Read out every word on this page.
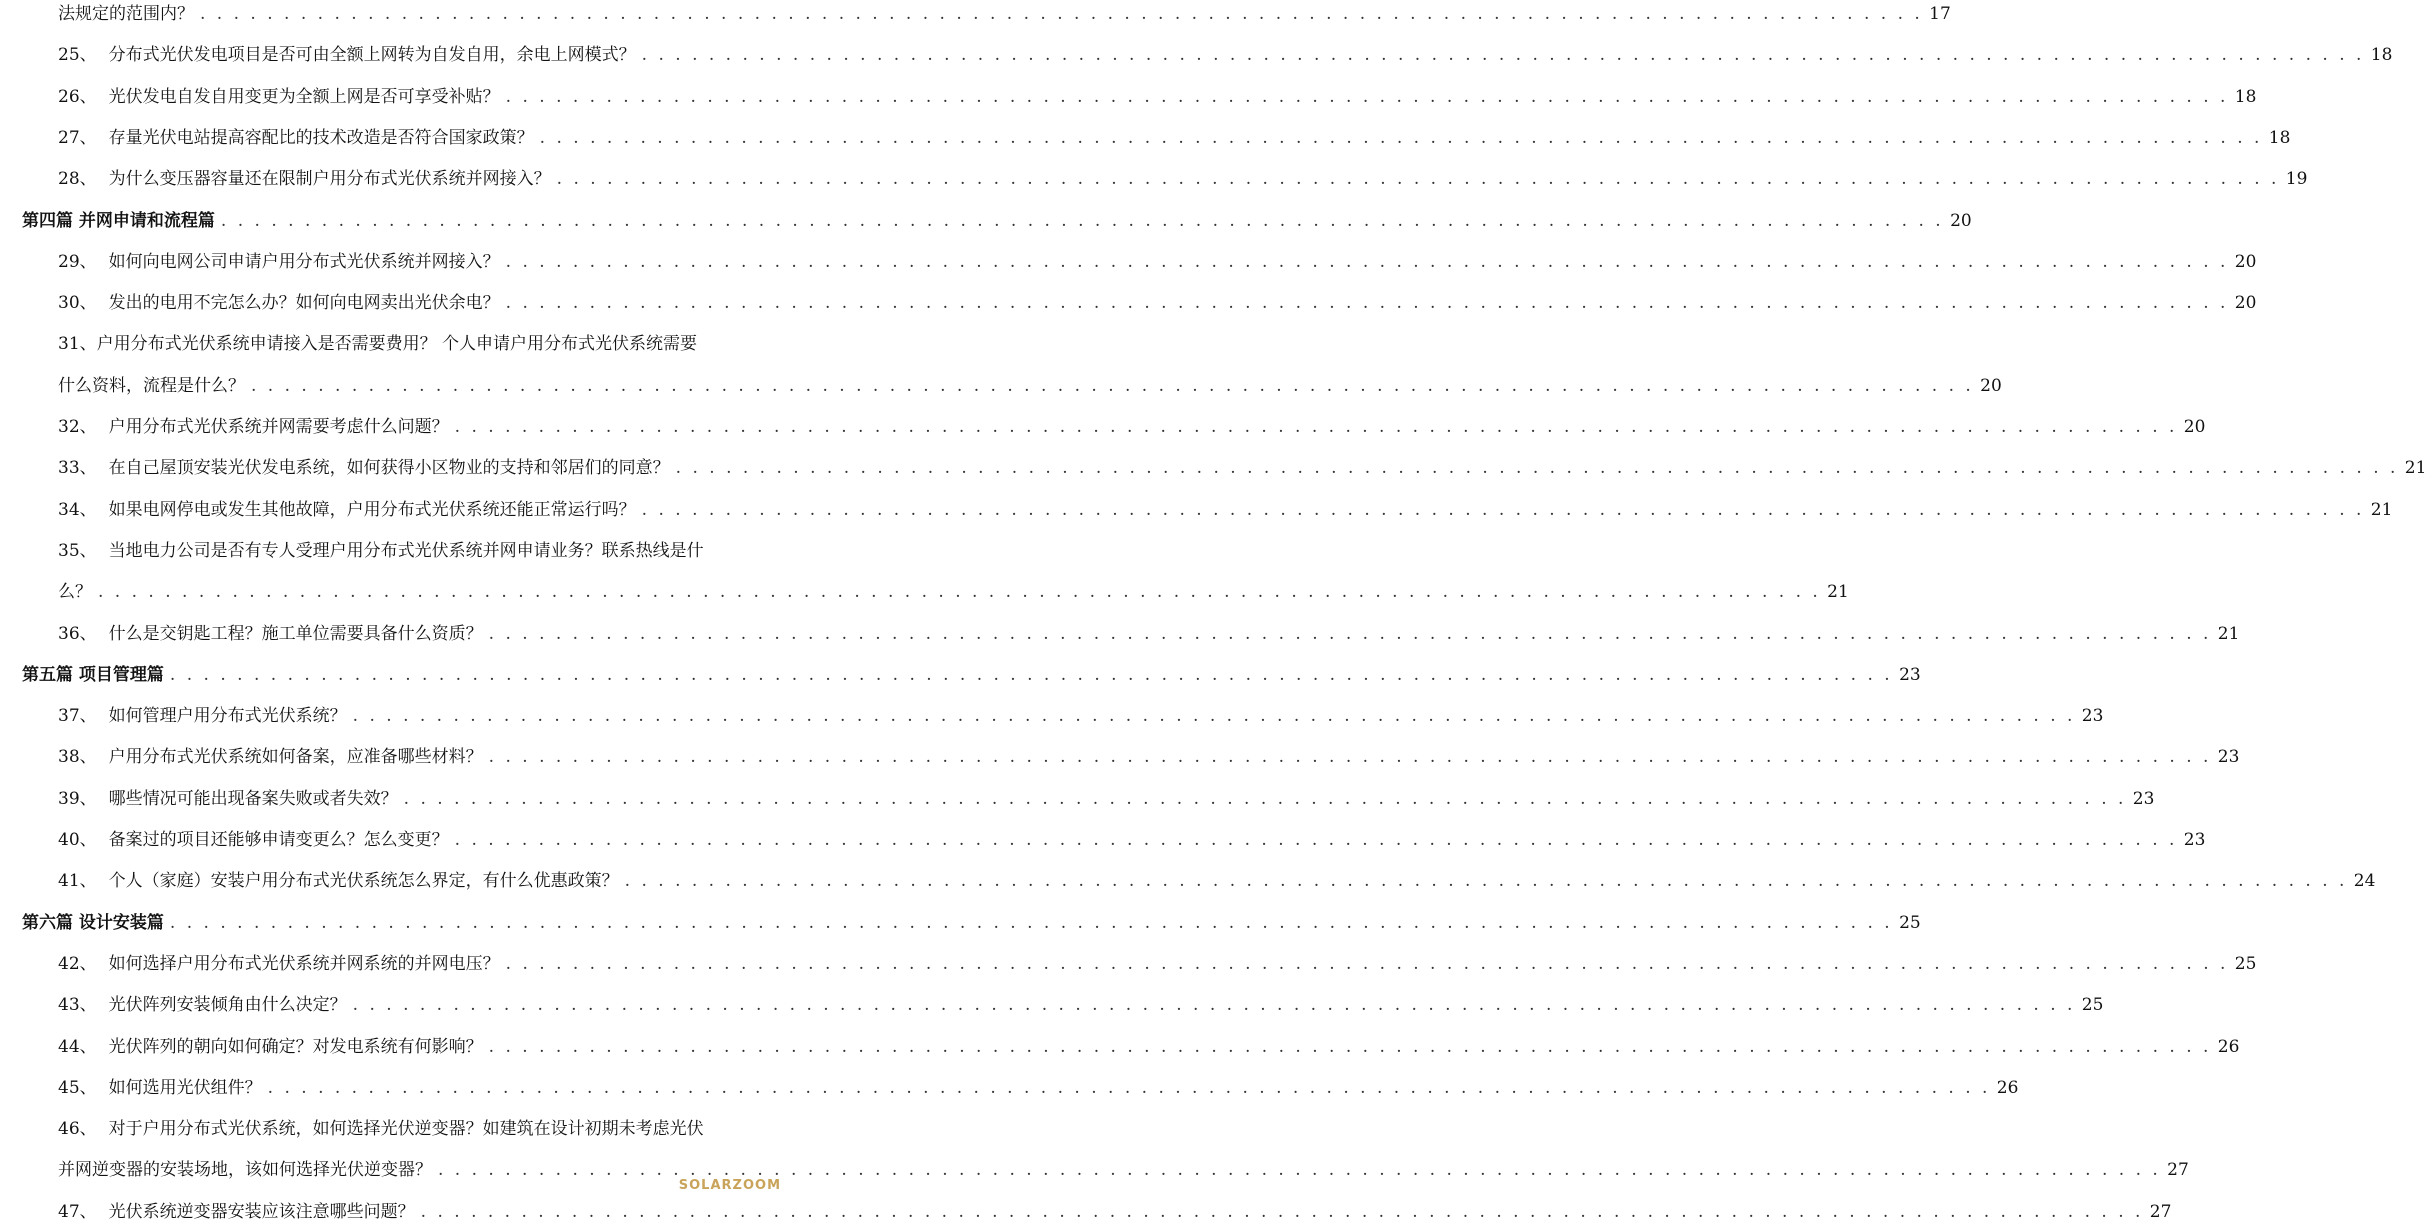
法规定的范围内？ . . . . . . . . . . . . . . . . . . . . . . . . . . . . . . . . . . . . . . . . . . . . . . . . . . . . . . . . . . . . . . . . . . . . . . . . . . . . . . . . . . . . . . . . . . . . . . . . . . . . . . . 17
25、 分布式光伏发电项目是否可由全额上网转为自发自用，余电上网模式？ . . . . . . . . . . . . . . . . . . . . . . . . . . . . . . . . . . . . . . . . . . . . . . . . . . . . . . . . . . . . . . . . . . . . . . . . . . . . . . . . . . . . . . . . . . . . . . . . . . . . . . . 18
26、 光伏发电自发自用变更为全额上网是否可享受补贴？ . . . . . . . . . . . . . . . . . . . . . . . . . . . . . . . . . . . . . . . . . . . . . . . . . . . . . . . . . . . . . . . . . . . . . . . . . . . . . . . . . . . . . . . . . . . . . . . . . . . . . . . 18
27、 存量光伏电站提高容配比的技术改造是否符合国家政策？ . . . . . . . . . . . . . . . . . . . . . . . . . . . . . . . . . . . . . . . . . . . . . . . . . . . . . . . . . . . . . . . . . . . . . . . . . . . . . . . . . . . . . . . . . . . . . . . . . . . . . . . 18
28、 为什么变压器容量还在限制户用分布式光伏系统并网接入？ . . . . . . . . . . . . . . . . . . . . . . . . . . . . . . . . . . . . . . . . . . . . . . . . . . . . . . . . . . . . . . . . . . . . . . . . . . . . . . . . . . . . . . . . . . . . . . . . . . . . . . . 19
第四篇 并网申请和流程篇 . . . . . . . . . . . . . . . . . . . . . . . . . . . . . . . . . . . . . . . . . . . . . . . . . . . . . . . . . . . . . . . . . . . . . . . . . . . . . . . . . . . . . . . . . . . . . . . . . . . . . . . 20
29、 如何向电网公司申请户用分布式光伏系统并网接入？ . . . . . . . . . . . . . . . . . . . . . . . . . . . . . . . . . . . . . . . . . . . . . . . . . . . . . . . . . . . . . . . . . . . . . . . . . . . . . . . . . . . . . . . . . . . . . . . . . . . . . . . 20
30、 发出的电用不完怎么办？如何向电网卖出光伏余电？ . . . . . . . . . . . . . . . . . . . . . . . . . . . . . . . . . . . . . . . . . . . . . . . . . . . . . . . . . . . . . . . . . . . . . . . . . . . . . . . . . . . . . . . . . . . . . . . . . . . . . . . 20
31、户用分布式光伏系统申请接入是否需要费用？ 个人申请户用分布式光伏系统需要
什么资料，流程是什么？ . . . . . . . . . . . . . . . . . . . . . . . . . . . . . . . . . . . . . . . . . . . . . . . . . . . . . . . . . . . . . . . . . . . . . . . . . . . . . . . . . . . . . . . . . . . . . . . . . . . . . . . 20
32、 户用分布式光伏系统并网需要考虑什么问题？ . . . . . . . . . . . . . . . . . . . . . . . . . . . . . . . . . . . . . . . . . . . . . . . . . . . . . . . . . . . . . . . . . . . . . . . . . . . . . . . . . . . . . . . . . . . . . . . . . . . . . . . 20
33、 在自己屋顶安装光伏发电系统，如何获得小区物业的支持和邻居们的同意？ . . . . . . . . . . . . . . . . . . . . . . . . . . . . . . . . . . . . . . . . . . . . . . . . . . . . . . . . . . . . . . . . . . . . . . . . . . . . . . . . . . . . . . . . . . . . . . . . . . . . . . . 21
34、 如果电网停电或发生其他故障，户用分布式光伏系统还能正常运行吗？ . . . . . . . . . . . . . . . . . . . . . . . . . . . . . . . . . . . . . . . . . . . . . . . . . . . . . . . . . . . . . . . . . . . . . . . . . . . . . . . . . . . . . . . . . . . . . . . . . . . . . . . 21
35、 当地电力公司是否有专人受理户用分布式光伏系统并网申请业务？联系热线是什
么？ . . . . . . . . . . . . . . . . . . . . . . . . . . . . . . . . . . . . . . . . . . . . . . . . . . . . . . . . . . . . . . . . . . . . . . . . . . . . . . . . . . . . . . . . . . . . . . . . . . . . . . . 21
36、 什么是交钥匙工程？施工单位需要具备什么资质？ . . . . . . . . . . . . . . . . . . . . . . . . . . . . . . . . . . . . . . . . . . . . . . . . . . . . . . . . . . . . . . . . . . . . . . . . . . . . . . . . . . . . . . . . . . . . . . . . . . . . . . . 21
第五篇 项目管理篇 . . . . . . . . . . . . . . . . . . . . . . . . . . . . . . . . . . . . . . . . . . . . . . . . . . . . . . . . . . . . . . . . . . . . . . . . . . . . . . . . . . . . . . . . . . . . . . . . . . . . . . . 23
37、 如何管理户用分布式光伏系统？ . . . . . . . . . . . . . . . . . . . . . . . . . . . . . . . . . . . . . . . . . . . . . . . . . . . . . . . . . . . . . . . . . . . . . . . . . . . . . . . . . . . . . . . . . . . . . . . . . . . . . . . 23
38、 户用分布式光伏系统如何备案，应准备哪些材料？ . . . . . . . . . . . . . . . . . . . . . . . . . . . . . . . . . . . . . . . . . . . . . . . . . . . . . . . . . . . . . . . . . . . . . . . . . . . . . . . . . . . . . . . . . . . . . . . . . . . . . . . 23
39、 哪些情况可能出现备案失败或者失效？ . . . . . . . . . . . . . . . . . . . . . . . . . . . . . . . . . . . . . . . . . . . . . . . . . . . . . . . . . . . . . . . . . . . . . . . . . . . . . . . . . . . . . . . . . . . . . . . . . . . . . . . 23
40、 备案过的项目还能够申请变更么？怎么变更？ . . . . . . . . . . . . . . . . . . . . . . . . . . . . . . . . . . . . . . . . . . . . . . . . . . . . . . . . . . . . . . . . . . . . . . . . . . . . . . . . . . . . . . . . . . . . . . . . . . . . . . . 23
41、 个人（家庭）安装户用分布式光伏系统怎么界定，有什么优惠政策？ . . . . . . . . . . . . . . . . . . . . . . . . . . . . . . . . . . . . . . . . . . . . . . . . . . . . . . . . . . . . . . . . . . . . . . . . . . . . . . . . . . . . . . . . . . . . . . . . . . . . . . . 24
第六篇 设计安装篇 . . . . . . . . . . . . . . . . . . . . . . . . . . . . . . . . . . . . . . . . . . . . . . . . . . . . . . . . . . . . . . . . . . . . . . . . . . . . . . . . . . . . . . . . . . . . . . . . . . . . . . . 25
42、 如何选择户用分布式光伏系统并网系统的并网电压？ . . . . . . . . . . . . . . . . . . . . . . . . . . . . . . . . . . . . . . . . . . . . . . . . . . . . . . . . . . . . . . . . . . . . . . . . . . . . . . . . . . . . . . . . . . . . . . . . . . . . . . . 25
43、 光伏阵列安装倾角由什么决定？ . . . . . . . . . . . . . . . . . . . . . . . . . . . . . . . . . . . . . . . . . . . . . . . . . . . . . . . . . . . . . . . . . . . . . . . . . . . . . . . . . . . . . . . . . . . . . . . . . . . . . . . 25
44、 光伏阵列的朝向如何确定？对发电系统有何影响？ . . . . . . . . . . . . . . . . . . . . . . . . . . . . . . . . . . . . . . . . . . . . . . . . . . . . . . . . . . . . . . . . . . . . . . . . . . . . . . . . . . . . . . . . . . . . . . . . . . . . . . . 26
45、 如何选用光伏组件？ . . . . . . . . . . . . . . . . . . . . . . . . . . . . . . . . . . . . . . . . . . . . . . . . . . . . . . . . . . . . . . . . . . . . . . . . . . . . . . . . . . . . . . . . . . . . . . . . . . . . . . . 26
46、 对于户用分布式光伏系统，如何选择光伏逆变器？如建筑在设计初期未考虑光伏
并网逆变器的安装场地，该如何选择光伏逆变器？ . . . . . . . . . . . . . . . . . . . . . . . . . . . . . . . . . . . . . . . . . . . . . . . . . . . . . . . . . . . . . . . . . . . . . . . . . . . . . . . . . . . . . . . . . . . . . . . . . . . . . . . 27
47、 光伏系统逆变器安装应该注意哪些问题？ . . . . . . . . . . . . . . . . . . . . . . . . . . . . . . . . . . . . . . . . . . . . . . . . . . . . . . . . . . . . . . . . . . . . . . . . . . . . . . . . . . . . . . . . . . . . . . . . . . . . . . . 27
SOLARZOOM
